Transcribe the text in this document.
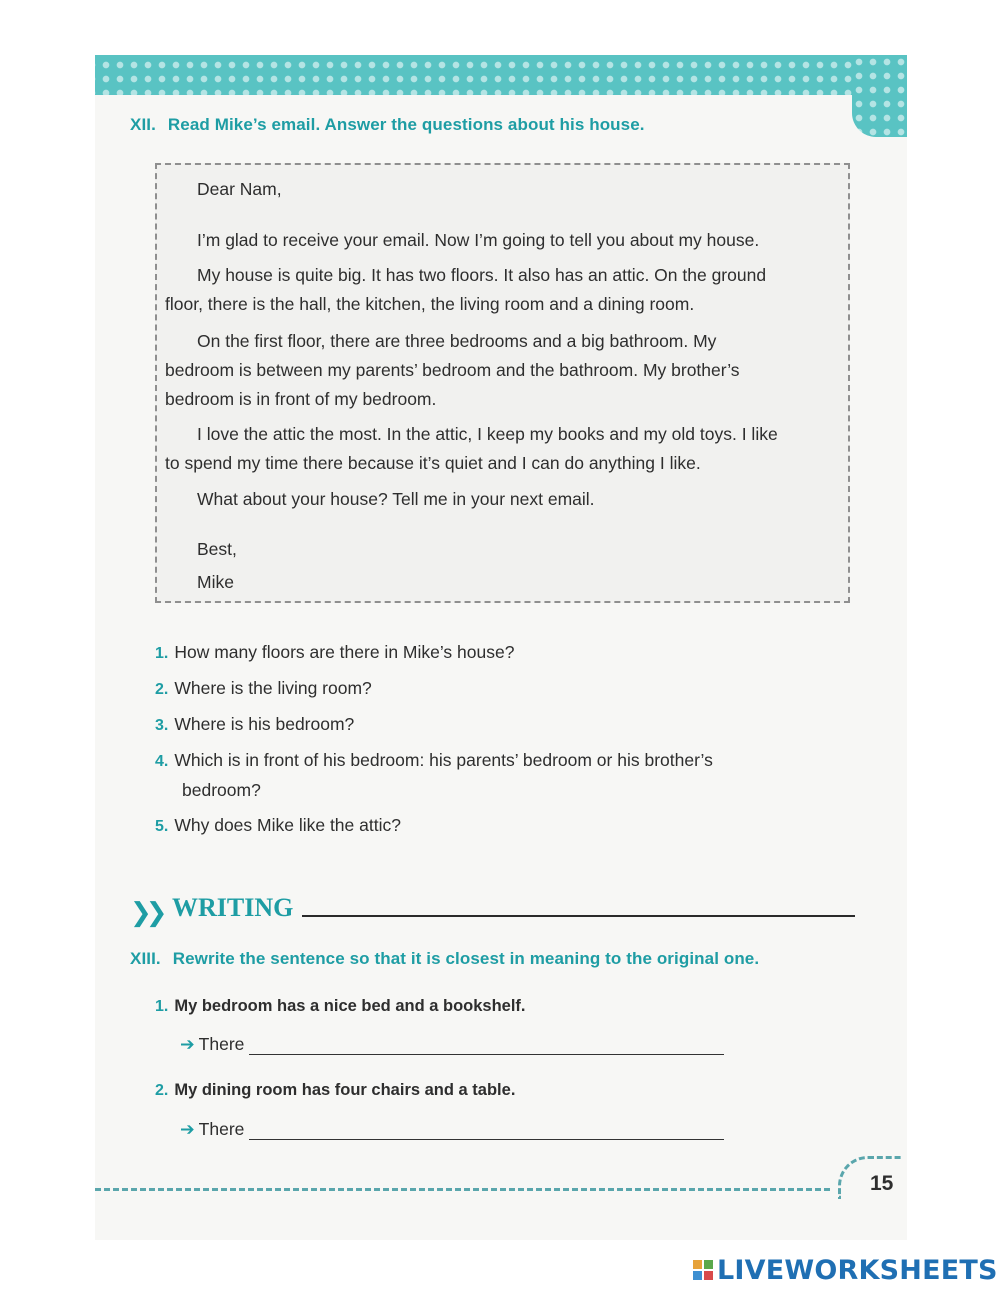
XII. Read Mike’s email. Answer the questions about his house.
Dear Nam,
I’m glad to receive your email. Now I’m going to tell you about my house.
My house is quite big. It has two floors. It also has an attic. On the ground
floor, there is the hall, the kitchen, the living room and a dining room.
On the first floor, there are three bedrooms and a big bathroom. My
bedroom is between my parents’ bedroom and the bathroom. My brother’s
bedroom is in front of my bedroom.
I love the attic the most. In the attic, I keep my books and my old toys. I like
to spend my time there because it’s quiet and I can do anything I like.
What about your house? Tell me in your next email.
Best,
Mike
1. How many floors are there in Mike’s house?
2. Where is the living room?
3. Where is his bedroom?
4. Which is in front of his bedroom: his parents’ bedroom or his brother’s
bedroom?
5. Why does Mike like the attic?
❯❯ WRITING
XIII. Rewrite the sentence so that it is closest in meaning to the original one.
1. My bedroom has a nice bed and a bookshelf.
➔ There
2. My dining room has four chairs and a table.
➔ There
15
LIVEWORKSHEETS
